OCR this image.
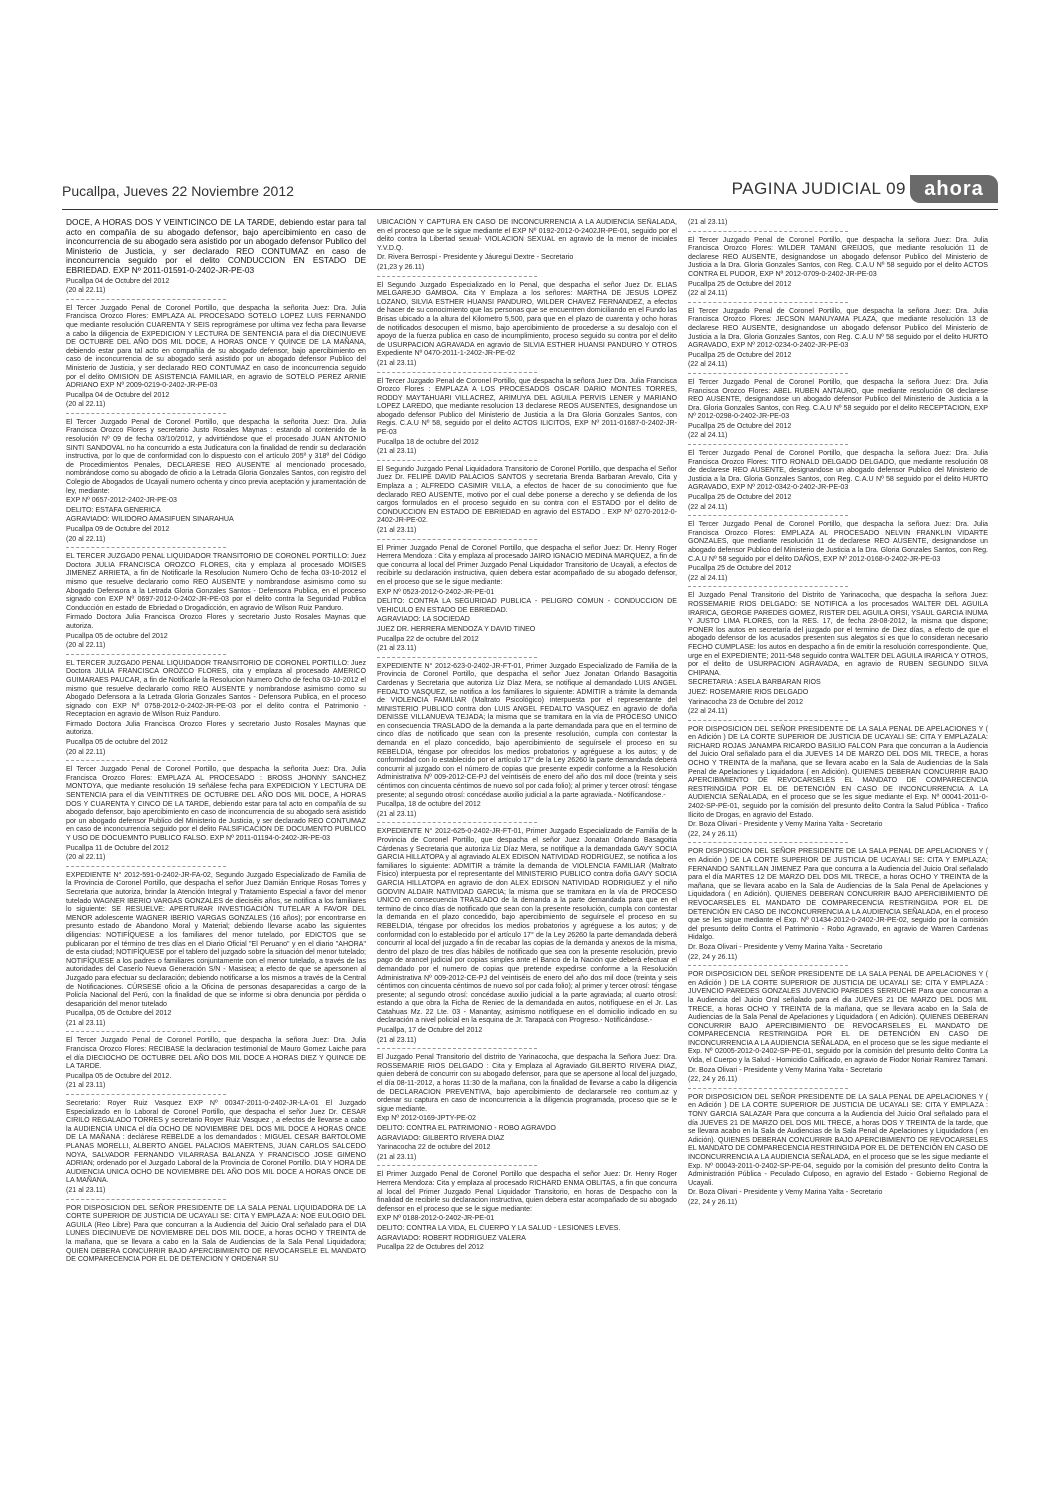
Pucallpa, Jueves 22 Noviembre 2012	PAGINA JUDICIAL 09 ahora

DOCE, A HORAS DOS Y VEINTICINCO DE LA TARDE, debiendo estar para tal acto en compañía de su abogado defensor, bajo apercibimiento en caso de inconcurrencia de su abogado sera asistido por un abogado defensor Publico del Ministerio de Justicia, y ser declarado REO CONTUMAZ en caso de inconcurrencia seguido por el delito CONDUCCION EN ESTADO DE EBRIEDAD. EXP Nº 2011-01591-0-2402-JR-PE-03

Pucallpa 04 de Octubre del 2012

(20 al 22.11)

El Tercer Juzgado Penal de Coronel Portillo, que despacha la señorita Juez: Dra. Julia Francisca Orozco Flores: EMPLAZA AL PROCESADO SOTELO LOPEZ LUIS FERNANDO que mediante resolución CUARENTA Y SEIS reprográmese por ultima vez fecha para llevarse a cabo la diligencia de EXPEDICION Y LECTURA DE SENTENCIA para el dia DIECINUEVE DE OCTUBRE DEL AÑO DOS MIL DOCE, A HORAS ONCE Y QUINCE DE LA MAÑANA, debiendo estar para tal acto en compañía de su abogado defensor, bajo apercibimiento en caso de inconcurrencia de su abogado será asistido por un abogado defensor Publico del Ministerio de Justicia, y ser declarado REO CONTUMAZ en caso de inconcurrencia seguido por el delito OMISION DE ASISTENCIA FAMILIAR, en agravio de SOTELO PEREZ ARNIE ADRIANO EXP Nº 2009-0219-0-2402-JR-PE-03

Pucallpa 04 de Octubre del 2012

(20 al 22.11)

El Tercer Juzgado Penal de Coronel Portillo, que despacha la señorita Juez: Dra. Julia Francisca Orozco Flores y secretario Justo Rosales Maynas : estando al contenido de la resolución Nº 09 de fecha 03/10/2012, y advirtiéndose que el procesado JUAN ANTONIO SINTI SANDOVAL no ha concurrido a esta Judicatura con la finalidad de rendir su declaración instructiva, por lo que de conformidad con lo dispuesto con el artículo 205º y 318º del Código de Procedimientos Penales, DECLARESE REO AUSENTE al mencionado procesado, nombrándose como su abogado de oficio a la Letrada Gloria Gonzales Santos, con registro del Colegio de Abogados de Ucayali numero ochenta y cinco previa aceptación y juramentación de ley, mediante:

EXP Nº 0657-2012-2402-JR-PE-03

DELITO: ESTAFA GENERICA

AGRAVIADO: WILIDORO AMASIFUEN SINARAHUA

Pucallpa 09 de Octubre del 2012

(20 al 22.11)

EL TERCER JUZGAD0 PENAL LIQUIDADOR TRANSITORIO DE CORONEL PORTILLO: Juez Doctora JULIA FRANCISCA OROZCO FLORES, cita y emplaza al procesado MOISES JIMENEZ ARRIETA, a fin de Notificarle la Resolucion Numero Ocho de fecha 03-10-2012 el mismo que resuelve declarario como REO AUSENTE y nombrandose asimismo como su Abogado Defensora a la Letrada Gloria Gonzales Santos - Defensora Publica, en el proceso signado con EXP Nº 0697-2012-0-2402-JR-PE-03 por el delito contra la Seguridad Publica Conducción en estado de Ebriedad o Drogadicción, en agravio de Wilson Ruiz Panduro.

Firmado Doctora Julia Francisca Orozco Flores y secretario Justo Rosales Maynas que autoriza.

Pucallpa 05 de octubre del 2012

(20 al 22.11)

EL TERCER JUZGAD0 PENAL LIQUIDADOR TRANSITORIO DE CORONEL PORTILLO: Juez Doctora JULIA FRANCISCA OROZCO FLORES, cita y emplaza al procesado AMERICO GUIMARAES PAUCAR, a fin de Notificarle la Resolucion Numero Ocho de fecha 03-10-2012 el mismo que resuelve declararlo como REO AUSENTE y nombrandose asimismo como su Abogado Defensora a la Letrada Gloria Gonzales Santos - Defensora Publica, en el proceso signado con EXP Nº 0758-2012-0-2402-JR-PE-03 por el delito contra el Patrimonio - Receptacion en agravio de Wilson Ruiz Panduro.

Firmado Doctora Julia Francisca Orozco Flores y secretario Justo Rosales Maynas que autoriza.

Pucallpa 05 de octubre del 2012

(20 al 22.11)

El Tercer Juzgado Penal de Coronel Portillo, que despacha la señorita Juez: Dra. Julia Francisca Orozco Flores: EMPLAZA AL PROCESADO : BROSS JHONNY SANCHEZ MONTOYA, que mediante resolución 19 señálese fecha para EXPEDICION Y LECTURA DE SENTENCIA para el dia VEINTITRES DE OCTUBRE DEL AÑO DOS MIL DOCE, A HORAS DOS Y CUARENTA Y CINCO DE LA TARDE, debiendo estar para tal acto en compañía de su abogado defensor, bajo apercibimiento en caso de inconcurrencia de su abogado será asistido por un abogado defensor Publico del Ministerio de Justicia, y ser declarado REO CONTUMAZ en caso de inconcurrencia seguido por el delito FALSIFICACION DE DOCUMENTO PUBLICO Y USO DE DOCUEMNTO PUBLICO FALSO. EXP Nº 2011-01194-0-2402-JR-PE-03

Pucallpa 11 de Octubre del 2012

(20 al 22.11)

EXPEDIENTE N° 2012-591-0-2402-JR-FA-02, Segundo Juzgado Especializado de Familia de la Provincia de Coronel Portillo, que despacha el señor Juez Damián Enrique Rosas Torres y Secretaria que autoriza, brindar la Atención Integral y Tratamiento Especial a favor del menor tutelado WAGNER IBERIO VARGAS GONZALES de dieciséis años, se notifica a los familiares lo siguiente: SE RESUELVE: APERTURAR INVESTIGACIÓN TUTELAR A FAVOR DEL MENOR adolescente WAGNER IBERIO VARGAS GONZALES (16 años); por encontrarse en presunto estado de Abandono Moral y Material; debiendo llevarse acabo las siguientes diligencias: NOTIFÍQUESE a los familiares del menor tutelado, por EDICTOS que se publicaran por el término de tres días en el Diario Oficial "El Peruano" y en el diario "AHORA" de esta ciudad; NOTIFÍQUESE por el tablero del juzgado sobre la situación del menor tutelado; NOTIFÍQUESE a los padres o familiares conjuntamente con el menor tutelado, a través de las autoridades del Caserío Nueva Generación S/N - Masisea; a efecto de que se apersonen al Juzgado para efectuar su declaración; debiendo notificarse a los mismos a través de la Central de Notificaciones. CÚRSESE oficio a la Oficina de personas desaparecidas a cargo de la Policía Nacional del Perú, con la finalidad de que se informe si obra denuncia por pérdida o desaparición del menor tutelado

Pucallpa, 05 de Octubre del 2012

(21 al 23.11)

El Tercer Juzgado Penal de Coronel Portillo, que despacha la señora Juez: Dra. Julia Francisca Orozco Flores: RECIBASE la declaracion testimonial de Mauro Gomez Laiche para el día DIECIOCHO DE OCTUBRE DEL AÑO DOS MIL DOCE A HORAS DIEZ Y QUINCE DE LA TARDE.

Pucallpa 05 de Octubre del 2012.

(21 al 23.11)

Secretario: Royer Ruiz Vasquez EXP Nº 00347-2011-0-2402-JR-LA-01 El Juzgado Especializado en lo Laboral de Coronel Portillo, que despacha el señor Juez Dr. CESAR CIRILO REGALADO TORRES y secretario Royer Ruiz Vasquez , a efectos de llevarse a cabo la AUDIENCIA UNICA el día OCHO DE NOVIEMBRE DEL DOS MIL DOCE A HORAS ONCE DE LA MAÑANA : declárese REBELDE a los demandados : MIGUEL CESAR BARTOLOME PLANAS MORELLI, ALBERTO ANGEL PALACIOS MAERTENS, JUAN CARLOS SALCEDO NOYA, SALVADOR FERNANDO VILARRASA BALANZA Y FRANCISCO JOSE GIMENO ADRIAN; ordenado por el Juzgado Laboral de la Provincia de Coronel Portillo. DIA Y HORA DE AUDIENCIA UNICA OCHO DE NOVIEMBRE DEL AÑO DOS MIL DOCE A HORAS ONCE DE LA MAÑANA.

(21 al 23.11)

POR DISPOSICION DEL SEÑOR PRESIDENTE DE LA SALA PENAL LIQUIDADORA DE LA CORTE SUPERIOR DE JUSTICIA DE UCAYALI SE: CITA Y EMPLAZA A: NOE EULOGIO DEL AGUILA (Reo Libre) Para que concurran a la Audiencia del Juicio Oral señalado para el DIA LUNES DIECINUEVE DE NOVIEMBRE DEL DOS MIL DOCE, a horas OCHO Y TREINTA de la mañana, que se llevara a cabo en la Sala de Audiencias de la Sala Penal Liquidadora; QUIEN DEBERA CONCURRIR BAJO APERCIBIMIENTO DE REVOCARSELE EL MANDATO DE COMPARECENCIA POR EL DE DETENCION Y ORDENAR SU

UBICACIÓN Y CAPTURA EN CASO DE INCONCURRENCIA A LA AUDIENCIA SEÑALADA, en el proceso que se le sigue mediante el EXP Nº 0192-2012-0-2402JR-PE-01, seguido por el delito contra la Libertad sexual- VIOLACION SEXUAL en agravio de la menor de iniciales Y.V.D.Q.

Dr. Rivera Berrospi - Presidente y Jáuregui Dextre - Secretario

(21,23 y 26.11)

El Segundo Juzgado Especializado en lo Penal, que despacha el señor Juez Dr. ELIAS MELGAREJO GAMBOA. Cita Y Emplaza a los señores: MARTHA DE JESUS LOPEZ LOZANO, SILVIA ESTHER HUANSI PANDURO, WILDER CHAVEZ FERNANDEZ, a efectos de hacer de su conocimiento que las personas que se encuentren domiciliando en el Fundo las Brisas ubicado a la altura del Kilometro 5,500, para que en el plazo de cuarenta y ocho horas de notificados desocupen el mismo, bajo apercibimiento de procederse a su desalojo con el apoyo de la fuerza publica en caso de incumplimiento, proceso seguido su contra por el delito de USURPACION AGRAVADA en agravio de SILVIA ESTHER HUANSI PANDURO Y OTROS Expediente Nº 0470-2011-1-2402-JR-PE-02

(21 al 23.11)

El Tercer Juzgado Penal de Coronel Portillo, que despacha la señora Juez Dra. Julia Francisca Orozco Flores : EMPLAZA A LOS PROCESADOS OSCAR DARIO MONTES TORRES, RODDY MAYTAHUARI VILLACREZ, ARIMUYA DEL AGUILA PERVIS LENER y MARIANO LOPEZ LAREDO, que mediante resolucion 13 declarese REOS AUSENTES, designandose un abogado defensor Publico del Ministerio de Justicia a la Dra Gloria Gonzales Santos, con Regis. C.A.U Nº 58, seguido por el delito ACTOS ILICITOS, EXP Nº 2011-01687-0-2402-JR-PE-03

Pucallpa 18 de octubre del 2012

(21 al 23.11)

El Segundo Juzgado Penal Liquidadora Transitorio de Coronel Portillo, que despacha el Señor Juez Dr. FELIPE DAVID PALACIOS SANTOS y secretaria Brenda Barbaran Arevalo, Cita y Emplaza a ; ALFREDO CASIMIR VILLA, a efectos de hacer de su conocimiento que fue declarado REO AUSENTE, motivo por el cual debe ponerse a derecho y se defienda de los cargos formulados en el proceso seguido en su contra con el ESTADO por el delito de CONDUCCION EN ESTADO DE EBRIEDAD en agravio del ESTADO . EXP Nº 0270-2012-0-2402-JR-PE-02.

(21 al 23.11)

El Primer Juzgado Penal de Coronel Portillo, que despacha el señor Juez: Dr. Henry Roger Herrera Mendoza : Cita y emplaza al procesado JAIRO IGNACIO MEDINA MARQUEZ, a fin de que concurra al local del Primer Juzgado Penal Liquidador Transitorio de Ucayali, a efectos de recibirle su declaración instructiva, quien debera estar acompañado de su abogado defensor, en el proceso que se le sigue mediante:

EXP Nº 0523-2012-0-2402-JR-PE-01

DELITO: CONTRA LA SEGURIDAD PUBLICA - PELIGRO COMUN - CONDUCCION DE VEHICULO EN ESTADO DE EBRIEDAD.

AGRAVIADO: LA SOCIEDAD

JUEZ DR. HERRERA MENDOZA Y DAVID TINEO

Pucallpa 22 de octubre del 2012

(21 al 23.11)

EXPEDIENTE N° 2012-623-0-2402-JR-FT-01, Primer Juzgado Especializado de Familia de la Provincia de Coronel Portillo, que despacha el señor Juez Jonatan Orlando Basagoitia Cardenas y Secretaria que autoriza Liz Díaz Mera, se notifique al demandado LUIS ANGEL FEDALTO VASQUEZ, se notifica a los familiares lo siguiente: ADMITIR a trámite la demanda de VIOLENCIA FAMILIAR (Maltrato Psicológico) interpuesta por el representante del MINISTERIO PUBLICO contra don LUIS ANGEL FEDALTO VASQUEZ en agravio de doña DENISSE VILLANUEVA TEJADA; la misma que se tramitara en la vía de PROCESO UNICO en consecuencia TRASLADO de la demanda a la parte demandada para que en el termino de cinco días de notificado que sean con la presente resolución, cumpla con contestar la demanda en el plazo concedido, bajo apercibimiento de seguírsele el proceso en su REBELDIA, téngase por ofrecidos los medios probatorios y agréguese a los autos; y de conformidad con lo establecido por el artículo 17° de la Ley 26260 la parte demandada deberá concurrir al juzgado con el número de copias que presente expedir conforme a la Resolución Administrativa Nº 009-2012-CE-PJ del veintiséis de enero del año dos mil doce (treinta y seis céntimos con cincuenta céntimos de nuevo sol por cada folio); al primer y tercer otrosí: téngase presente; al segundo otrosí: concédase auxilio judicial a la parte agraviada.- Notifícandose.-

Pucallpa, 18 de octubre del 2012

(21 al 23.11)

EXPEDIENTE N° 2012-625-0-2402-JR-FT-01, Primer Juzgado Especializado de Familia de la Provincia de Coronel Portillo, que despacha el señor Juez Jonatan Orlando Basagoitia Cárdenas y Secretaria que autoriza Liz Díaz Mera, se notifique a la demandada GAVY SOCIA GARCIA HILLATOPA y al agraviado ALEX EDISON NATIVIDAD RODRIGUEZ, se notifica a los familiares lo siguiente: ADMITIR a trámite la demanda de VIOLENCIA FAMILIAR (Maltrato Físico) interpuesta por el representante del MINISTERIO PUBLICO contra doña GAVY SOCIA GARCIA HILLATOPA en agravio de don ALEX EDISON NATIVIDAD RODRIGUEZ y el niño GODVIN ALDAIR NATIVIDAD GARCIA; la misma que se tramitara en la vía de PROCESO UNICO en consecuencia TRASLADO de la demanda a la parte demandada para que en el termino de cinco días de notificado que sean con la presente resolución, cumpla con contestar la demanda en el plazo concedido, bajo apercibimiento de seguírsele el proceso en su REBELDIA, téngase por ofrecidos los medios probatorios y agréguese a los autos; y de conformidad con lo establecido por el artículo 17° de la Ley 26260 la parte demandada deberá concurrir al local del juzgado a fin de recabar las copias de la demanda y anexos de la misma, dentro del plazo de tres días hábiles de notificado que sea con la presente resolución, previo pago de arancel judicial por copias simples ante el Banco de la Nación que deberá efectuar el demandado por el numero de copias que pretende expedirse conforme a la Resolución Administrativa Nº 009-2012-CE-PJ del veintiséis de enero del año dos mil doce (treinta y seis céntimos con cincuenta céntimos de nuevo sol por cada folio); al primer y tercer otrosí: téngase presente; al segundo otrosí: concédase auxilio judicial a la parte agraviada; al cuarto otrosí: estando a que obra la Ficha de Reniec de la demandada en autos, notifíquese en el Jr. Las Catahuas Mz. 22 Lte. 03 - Manantay, asimismo notifíquese en el domicilio indicado en su declaración a nivel policial en la esquina de Jr. Tarapacá con Progreso.- Notifícándose.-

Pucallpa, 17 de Octubre del 2012

(21 al 23.11)

El Juzgado Penal Transitorio del distrito de Yarinacocha, que despacha la Señora Juez: Dra. ROSSEMARIE RIOS DELGADO : Cita y Emplaza al Agraviado GILBERTO RIVERA DIAZ, quien deberá de concurrir con su abogado defensor, para que se apersone al local del juzgado, el día 08-11-2012, a horas 11:30 de la mañana, con la finalidad de llevarse a cabo la diligencia de DECLARACION PREVENTIVA, bajo apercibimiento de declararsele reo contum.az y ordenar su captura en caso de inconcurrencia a la diligencia programada, proceso que se le sigue mediante.

Exp Nº 2012-0169-JPTY-PE-02

DELITO: CONTRA EL PATRIMONIO - ROBO AGRAVDO

AGRAVIADO: GILBERTO RIVERA DIAZ

Yarinacocha 22 de octubre del 2012

(21 al 23.11)

El Primer Juzgado Penal de Coronel Portillo que despacha el señor Juez: Dr. Henry Roger Herrera Mendoza: Cita y emplaza al procesado RICHARD ENMA OBLITAS, a fin que concurra al local del Primer Juzgado Penal Liquidador Transitorio, en horas de Despacho con la finalidad de recibirle su declaracion instructiva, quien debera estar acompañado de su abogado defensor en el proceso que se le sigue mediante:

EXP Nº 0188-2012-0-2402-JR-PE-01

DELITO: CONTRA LA VIDA, EL CUERPO Y LA SALUD - LESIONES LEVES.

AGRAVIADO: ROBERT RODRIGUEZ VALERA

Pucallpa 22 de Octubres del 2012

(21 al 23.11)

El Tercer Juzgado Penal de Coronel Portillo, que despacha la señora Juez: Dra. Julia Francisca Orozco Flores: WILDER TAMANI GREIJOS, que mediante resolución 11 de declarese REO AUSENTE, designandose un abogado defensor Publico del Ministerio de Justicia a la Dra. Gloria Gonzales Santos, con Reg. C.A.U Nº 58 seguido por el delito ACTOS CONTRA EL PUDOR, EXP Nº 2012-0709-0-2402-JR-PE-03

Pucallpa 25 de Octubre del 2012

(22 al 24.11)

El Tercer Juzgado Penal de Coronel Portillo, que despacha la señora Juez: Dra. Julia Francisca Orozco Flores: JECSON MANUYAMA PLAZA, que mediante resolución 13 de declarese REO AUSENTE, designandose un abogado defensor Publico del Ministerio de Justicia a la Dra. Gloria Gonzales Santos, con Reg. C.A.U Nº 58 seguido por el delito HURTO AGRAVADO, EXP Nº 2012-0234-0-2402-JR-PE-03

Pucallpa 25 de Octubre del 2012

(22 al 24.11)

El Tercer Juzgado Penal de Coronel Portillo, que despacha la señora Juez: Dra. Julia Francisca Orozco Flores: ABEL RUBEN ANTAURO, que mediante resolución 08 declarese REO AUSENTE, designandose un abogado defensor Publico del Ministerio de Justicia a la Dra. Gloria Gonzales Santos, con Reg. C.A.U Nº 58 seguido por el delito RECEPTACION, EXP Nº 2012-0298-0-2402-JR-PE-03

Pucallpa 25 de Octubre del 2012

(22 al 24.11)

El Tercer Juzgado Penal de Coronel Portillo, que despacha la señora Juez: Dra. Julia Francisca Orozco Flores: TITO RONALD DELGADO DELGADO, que mediante resolución 08 de declarese REO AUSENTE, designandose un abogado defensor Publico del Ministerio de Justicia a la Dra. Gloria Gonzales Santos, con Reg. C.A.U Nº 58 seguido por el delito HURTO AGRAVADO, EXP Nº 2012-0342-0-2402-JR-PE-03

Pucallpa 25 de Octubre del 2012

(22 al 24.11)

El Tercer Juzgado Penal de Coronel Portillo, que despacha la señora Juez: Dra. Julia Francisca Orozco Flores: EMPLAZA AL PROCESADO NELVIN FRANKLIN VIDARTE GONZALES, que mediante resolución 11 de declarese REO AUSENTE, designandose un abogado defensor Publico del Ministerio de Justicia a la Dra. Gloria Gonzales Santos, con Reg. C.A.U Nº 58 seguido por el delito DAÑOS, EXP Nº 2012-0168-0-2402-JR-PE-03

Pucallpa 25 de Octubre del 2012

(22 al 24.11)

El Juzgado Penal Transitorio del Distrito de Yarinacocha, que despacha la señora Juez: ROSSEMARIE RIOS DELGADO: SE NOTIFICA a los procesados WALTER DEL AGUILA IRARICA, GEORGE PAREDES GOMEZ, RISTER DEL AGUILA ORSI, YSAUL GARCIA INUMA Y JUSTO LIMA FLORES, con la RES. 17, de fecha 28-08-2012, la misma que dispone; PONER los autos en secretaría del juzgado por el termino de Diez días, a efecto de que el abogado defensor de los acusados presenten sus alegatos si es que lo consideran necesario FECHO CUMPLASE: los autos en despacho a fin de emitir la resolución correspondiente. Que, urge en el EXPEDIENTE; 2011-548 seguido contra WALTER DEL AGUILA IRARICA Y OTROS, por el delito de USURPACION AGRAVADA, en agravio de RUBEN SEGUNDO SILVA CHIPANA.

SECRETARIA : ASELA BARBARAN RIOS

JUEZ: ROSEMARIE RIOS DELGADO

Yarinacocha 23 de Octubre del 2012

(22 al 24.11)

POR DISPOSICION DEL SEÑOR PRESIDENTE DE LA SALA PENAL DE APELACIONES Y ( en Adición ) DE LA CORTE SUPERIOR DE JUSTICIA DE UCAYALI SE: CITA Y EMPLAZALA: RICHARD ROJAS JANAMPA RICARDO BASILIO FALCON Para que concurran a la Audiencia del Juicio Oral señalado para el dia JUEVES 14 DE MARZO DEL DOS MIL TRECE, a horas OCHO Y TREINTA de la mañana, que se llevara acabo en la Sala de Audiencias de la Sala Penal de Apelaciones y Liquidadora ( en Adición). QUIENES DEBERAN CONCURRIR BAJO APERCIBIMIENTO DE REVOCARSELES EL MANDATO DE COMPARECENCIA RESTRINGIDA POR EL DE DETENCIÓN EN CASO DE INCONCURRENCIA A LA AUDIENCIA SEÑALADA, en el proceso que se les sigue mediante el Exp. Nº 00041-2011-0-2402-SP-PE-01, seguido por la comisión del presunto delito Contra la Salud Pública - Trafico Ilicito de Drogas, en agravio del Estado.

Dr. Boza Olivari - Presidente y Vemy Marina Yalta - Secretario

(22, 24 y 26.11)

POR DISPOSICION DEL SEÑOR PRESIDENTE DE LA SALA PENAL DE APELACIONES Y ( en Adición ) DE LA CORTE SUPERIOR DE JUSTICIA DE UCAYALI SE: CITA Y EMPLAZA; FERNANDO SANTILLAN JIMENEZ Para que concurra a la Audiencia del Juicio Oral señalado para el día MARTES 12 DE MARZO DEL DOS MIL TRECE, a horas OCHO Y TREINTA de la mañana, que se llevara acabo en la Sala de Audiencias de la Sala Penal de Apelaciones y Liquidadora ( en Adición). QUIENES DEBERAN CONCURRIR BAJO APERCIBIMIENTO DE REVOCARSELES EL MANDATO DE COMPARECENCIA RESTRINGIDA POR EL DE DETENCIÓN EN CASO DE INCONCURRENCIA A LA AUDIENCIA SEÑALADA, en el proceso que se les sigue mediante el Exp. Nº 01434-2012-0-2402-JR-PE-02, seguido por la comisión del presunto delito Contra el Patrimonio - Robo Agravado, en agravio de Warren Cardenas Hidalgo.

Dr. Boza Olivari - Presidente y Vemy Marina Yalta - Secretario

(22, 24 y 26.11)

POR DISPOSICION DEL SEÑOR PRESIDENTE DE LA SALA PENAL DE APELACIONES Y ( en Adición ) DE LA CORTE SUPERIOR DE JUSTICIA DE UCAYALI SE: CITA Y EMPLAZA : JUVENCIO PAREDES GONZALES JUVENCIO PAREDES SERRUCHE Para que concurran a la Audiencia del Juicio Oral señalado para el dia JUEVES 21 DE MARZO DEL DOS MIL TRECE, a horas OCHO Y TREINTA de la mañana, que se llevara acabo en la Sala de Audiencias de la Sala Penal de Apelaciones y Liquidadora ( en Adición). QUIENES DEBERAN CONCURRIR BAJO APERCIBIMIENTO DE REVOCARSELES EL MANDATO DE COMPARECENCIA RESTRINGIDA POR EL DE DETENCIÓN EN CASO DE INCONCURRENCIA A LA AUDIENCIA SEÑALADA, en el proceso que se les sigue mediante el Exp. Nº 02005-2012-0-2402-SP-PE-01, seguido por la comisión del presunto delito Contra La Vida, el Cuerpo y la Salud - Homicidio Calificado, en agravio de Fiodor Noriair Ramirez Tamani.

Dr. Boza Olivari - Presidente y Vemy Marina Yalta - Secretario

(22, 24 y 26.11)

POR DISPOSICION DEL SEÑOR PRESIDENTE DE LA SALA PENAL DE APELACIONES Y ( en Adición ) DE LA CORTE SUPERIOR DE JUSTICIA DE UCAYALI SE: CITA Y EMPLAZA : TONY GARCIA SALAZAR Para que concurra a la Audiencia del Juicio Oral señalado para el día JUEVES 21 DE MARZO DEL DOS MIL TRECE, a horas DOS Y TREINTA de la tarde, que se llevara acabo en la Sala de Audiencias de la Sala Penal de Apelaciones y Liquidadora ( en Adición). QUIENES DEBERAN CONCURRIR BAJO APERCIBIMIENTO DE REVOCARSELES EL MANDATO DE COMPARECENCIA RESTRINGIDA POR EL DE DETENCIÓN EN CASO DE INCONCURRENCIA A LA AUDIENCIA SEÑALADA, en el proceso que se les sigue mediante el Exp. Nº 00043-2011-0-2402-SP-PE-04, seguido por la comisión del presunto delito Contra la Administración Pública - Peculado Culposo, en agravio del Estado - Gobierno Regional de Ucayali.

Dr. Boza Olivari - Presidente y Vemy Marina Yalta - Secretario

(22, 24 y 26.11)
